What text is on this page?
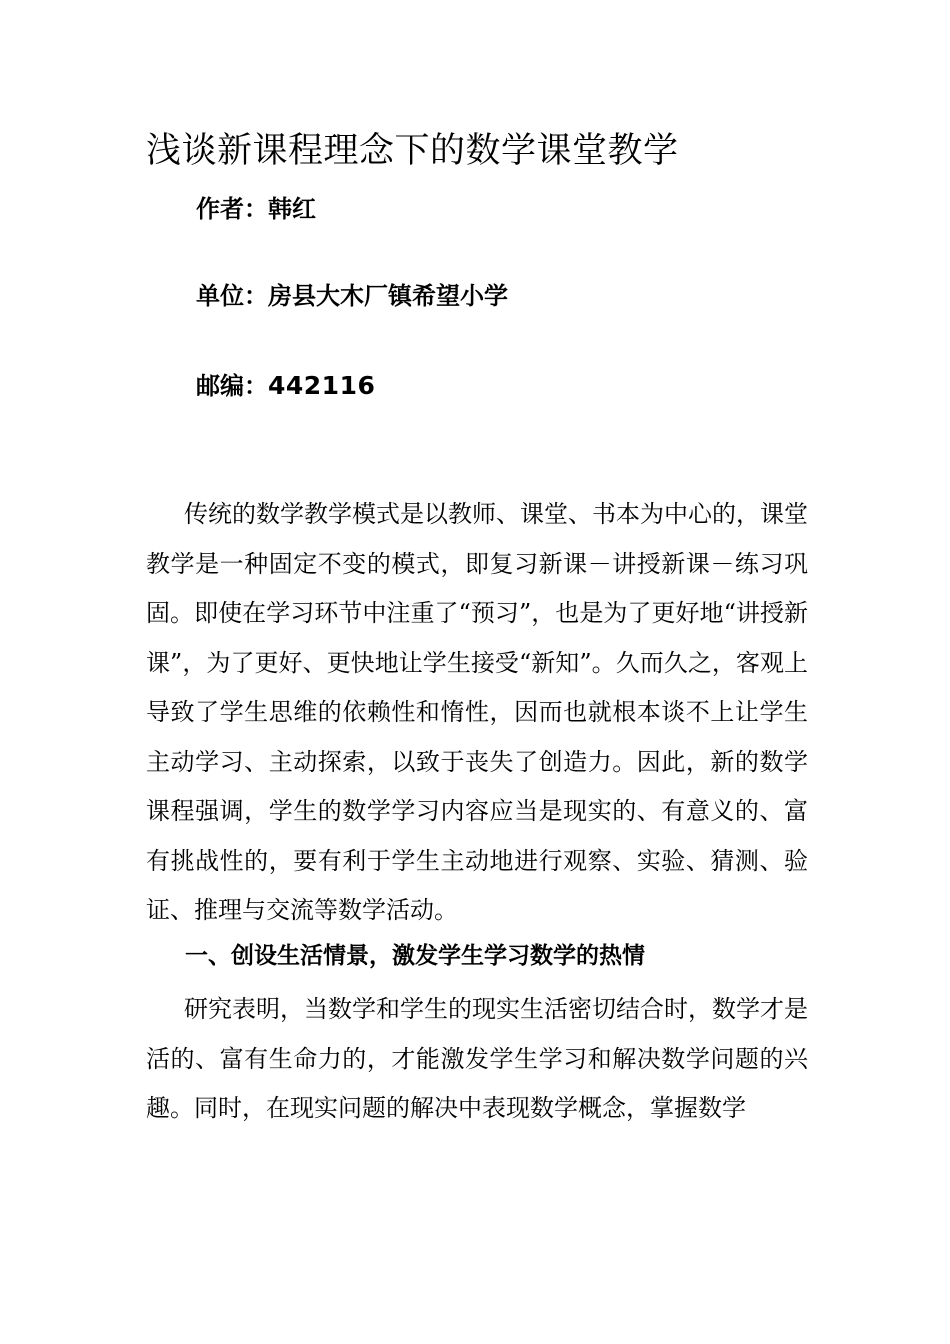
浅谈新课程理念下的数学课堂教学
作者：韩红
单位：房县大木厂镇希望小学
邮编：442116

传统的数学教学模式是以教师、课堂、书本为中心的，课堂教学是一种固定不变的模式，即复习新课－讲授新课－练习巩固。即使在学习环节中注重了“预习”，也是为了更好地“讲授新课”，为了更好、更快地让学生接受“新知”。久而久之，客观上导致了学生思维的依赖性和惰性，因而也就根本谈不上让学生主动学习、主动探索，以致于丧失了创造力。因此，新的数学课程强调，学生的数学学习内容应当是现实的、有意义的、富有挑战性的，要有利于学生主动地进行观察、实验、猜测、验证、推理与交流等数学活动。

一、创设生活情景，激发学生学习数学的热情

研究表明，当数学和学生的现实生活密切结合时，数学才是活的、富有生命力的，才能激发学生学习和解决数学问题的兴趣。同时，在现实问题的解决中表现数学概念，掌握数学
